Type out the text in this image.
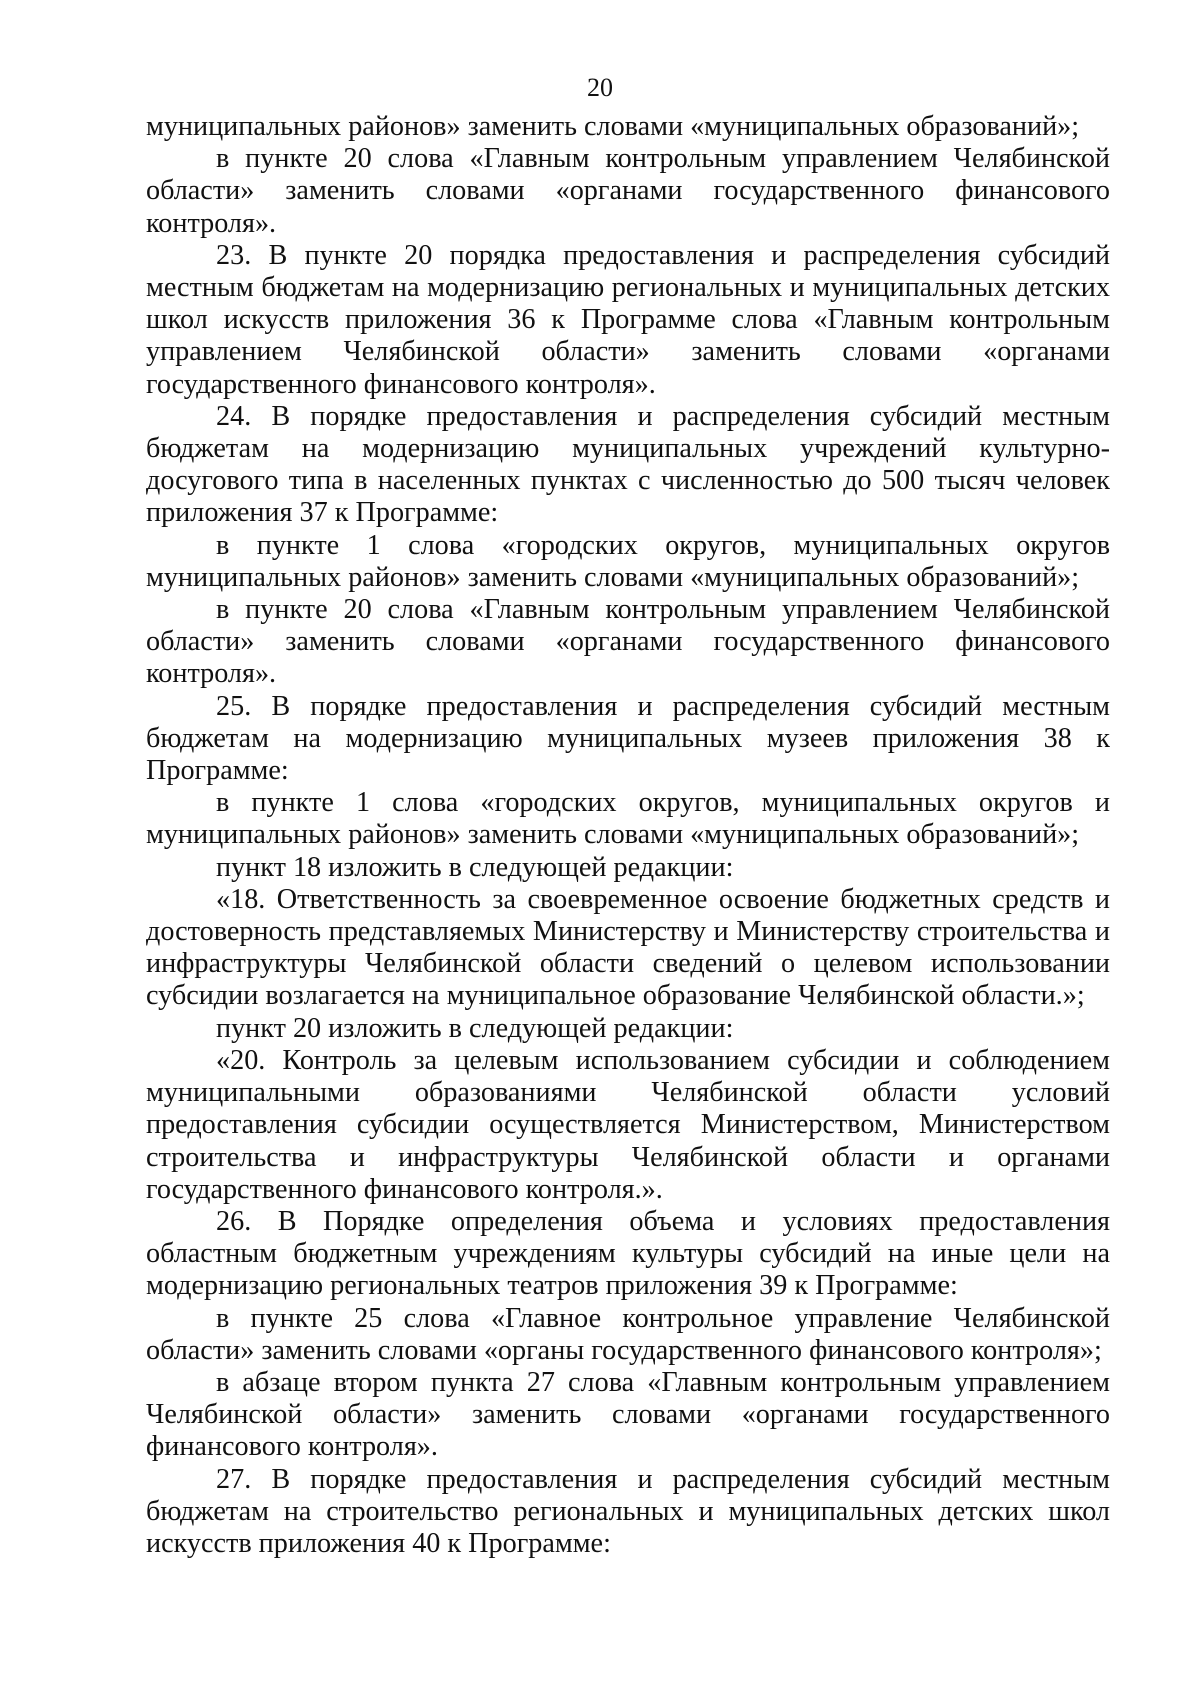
20

муниципальных районов» заменить словами «муниципальных образований»;

в пункте 20 слова «Главным контрольным управлением Челябинской области» заменить словами «органами государственного финансового контроля».

23. В пункте 20 порядка предоставления и распределения субсидий местным бюджетам на модернизацию региональных и муниципальных детских школ искусств приложения 36 к Программе слова «Главным контрольным управлением Челябинской области» заменить словами «органами государственного финансового контроля».

24. В порядке предоставления и распределения субсидий местным бюджетам на модернизацию муниципальных учреждений культурно-досугового типа в населенных пунктах с численностью до 500 тысяч человек приложения 37 к Программе:

в пункте 1 слова «городских округов, муниципальных округов муниципальных районов» заменить словами «муниципальных образований»;

в пункте 20 слова «Главным контрольным управлением Челябинской области» заменить словами «органами государственного финансового контроля».

25. В порядке предоставления и распределения субсидий местным бюджетам на модернизацию муниципальных музеев приложения 38 к Программе:

в пункте 1 слова «городских округов, муниципальных округов и муниципальных районов» заменить словами «муниципальных образований»;

пункт 18 изложить в следующей редакции:

«18. Ответственность за своевременное освоение бюджетных средств и достоверность представляемых Министерству и Министерству строительства и инфраструктуры Челябинской области сведений о целевом использовании субсидии возлагается на муниципальное образование Челябинской области.»;

пункт 20 изложить в следующей редакции:

«20. Контроль за целевым использованием субсидии и соблюдением муниципальными образованиями Челябинской области условий предоставления субсидии осуществляется Министерством, Министерством строительства и инфраструктуры Челябинской области и органами государственного финансового контроля.».

26. В Порядке определения объема и условиях предоставления областным бюджетным учреждениям культуры субсидий на иные цели на модернизацию региональных театров приложения 39 к Программе:

в пункте 25 слова «Главное контрольное управление Челябинской области» заменить словами «органы государственного финансового контроля»;

в абзаце втором пункта 27 слова «Главным контрольным управлением Челябинской области» заменить словами «органами государственного финансового контроля».

27. В порядке предоставления и распределения субсидий местным бюджетам на строительство региональных и муниципальных детских школ искусств приложения 40 к Программе:
